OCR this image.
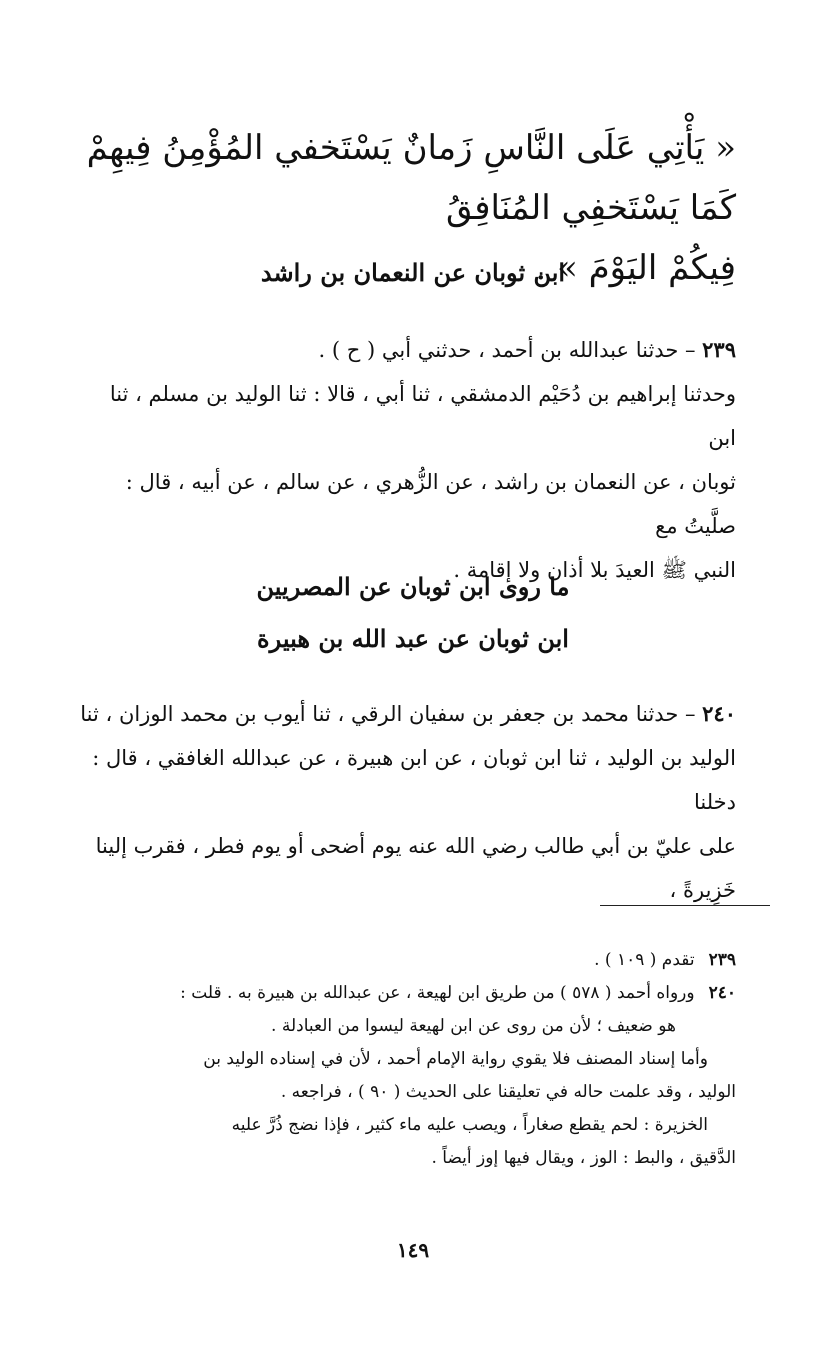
« يَأْتِي عَلَى النَّاسِ زَمانٌ يَسْتَخفي المُؤْمِنُ فِيهِمْ كَمَا يَسْتَخفِي المُنَافِقُ
فِيكُمْ اليَوْمَ » .
ابن ثوبان عن النعمان بن راشد
٢٣٩ – حدثنا عبدالله بن أحمد ، حدثني أبي ( ح ) .
وحدثنا إبراهيم بن دُحَيْم الدمشقي ، ثنا أبي ، قالا : ثنا الوليد بن مسلم ، ثنا ابن
ثوبان ، عن النعمان بن راشد ، عن الزُّهري ، عن سالم ، عن أبيه ، قال : صلَّيتُ مع
النبي ﷺ العيدَ بلا أذان ولا إقامة .
ما روى ابن ثوبان عن المصريين
ابن ثوبان عن عبد الله بن هبيرة
٢٤٠ – حدثنا محمد بن جعفر بن سفيان الرقي ، ثنا أيوب بن محمد الوزان ، ثنا
الوليد بن الوليد ، ثنا ابن ثوبان ، عن ابن هبيرة ، عن عبدالله الغافقي ، قال : دخلنا
على عليّ بن أبي طالب رضي الله عنه يوم أضحى أو يوم فطر ، فقرب إلينا خَزِيرةً ،
٢٣٩تقدم ( ١٠٩ ) .
٢٤٠ورواه أحمد ( ٥٧٨ ) من طريق ابن لهيعة ، عن عبدالله بن هبيرة به . قلت :
هو ضعيف ؛ لأن من روى عن ابن لهيعة ليسوا من العبادلة .
وأما إسناد المصنف فلا يقوي رواية الإمام أحمد ، لأن في إسناده الوليد بن
الوليد ، وقد علمت حاله في تعليقنا على الحديث ( ٩٠ ) ، فراجعه .
الخزيرة : لحم يقطع صغاراً ، ويصب عليه ماء كثير ، فإذا نضج ذُرَّ عليه
الدَّقيق ، والبط : الوز ، ويقال فيها إوز أيضاً .
١٤٩
